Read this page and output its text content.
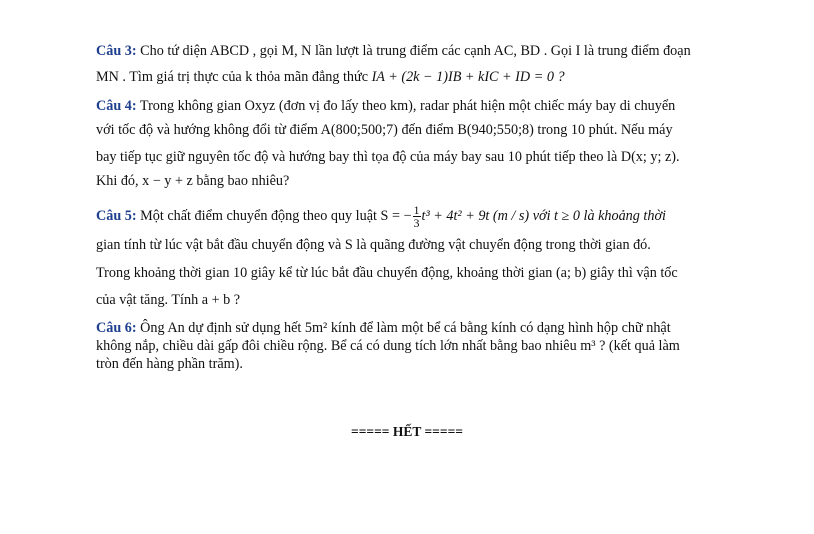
Câu 3: Cho tứ diện ABCD , gọi M, N lần lượt là trung điểm các cạnh AC, BD . Gọi I là trung điểm đoạn
MN . Tìm giá trị thực của k thỏa mãn đẳng thức IA + (2k − 1)IB + kIC + ID = 0 ?
Câu 4: Trong không gian Oxyz (đơn vị đo lấy theo km), radar phát hiện một chiếc máy bay di chuyển
với tốc độ và hướng không đổi từ điểm A(800;500;7) đến điểm B(940;550;8) trong 10 phút. Nếu máy
bay tiếp tục giữ nguyên tốc độ và hướng bay thì tọa độ của máy bay sau 10 phút tiếp theo là D(x; y; z).
Khi đó, x − y + z bằng bao nhiêu?
Câu 5: Một chất điểm chuyển động theo quy luật S = − $\frac{1}{3} t^3 + 4t^2 + 9t$ (m / s) với t ≥ 0 là khoảng thời
gian tính từ lúc vật bắt đầu chuyển động và S là quãng đường vật chuyển động trong thời gian đó.
Trong khoảng thời gian 10 giây kể từ lúc bắt đầu chuyển động, khoảng thời gian (a; b) giây thì vận tốc
của vật tăng. Tính a + b ?
Câu 6: Ông An dự định sử dụng hết 5m² kính để làm một bể cá bằng kính có dạng hình hộp chữ nhật
không nắp, chiều dài gấp đôi chiều rộng. Bể cá có dung tích lớn nhất bằng bao nhiêu m³ ? (kết quả làm
tròn đến hàng phần trăm).
===== HẾT =====
